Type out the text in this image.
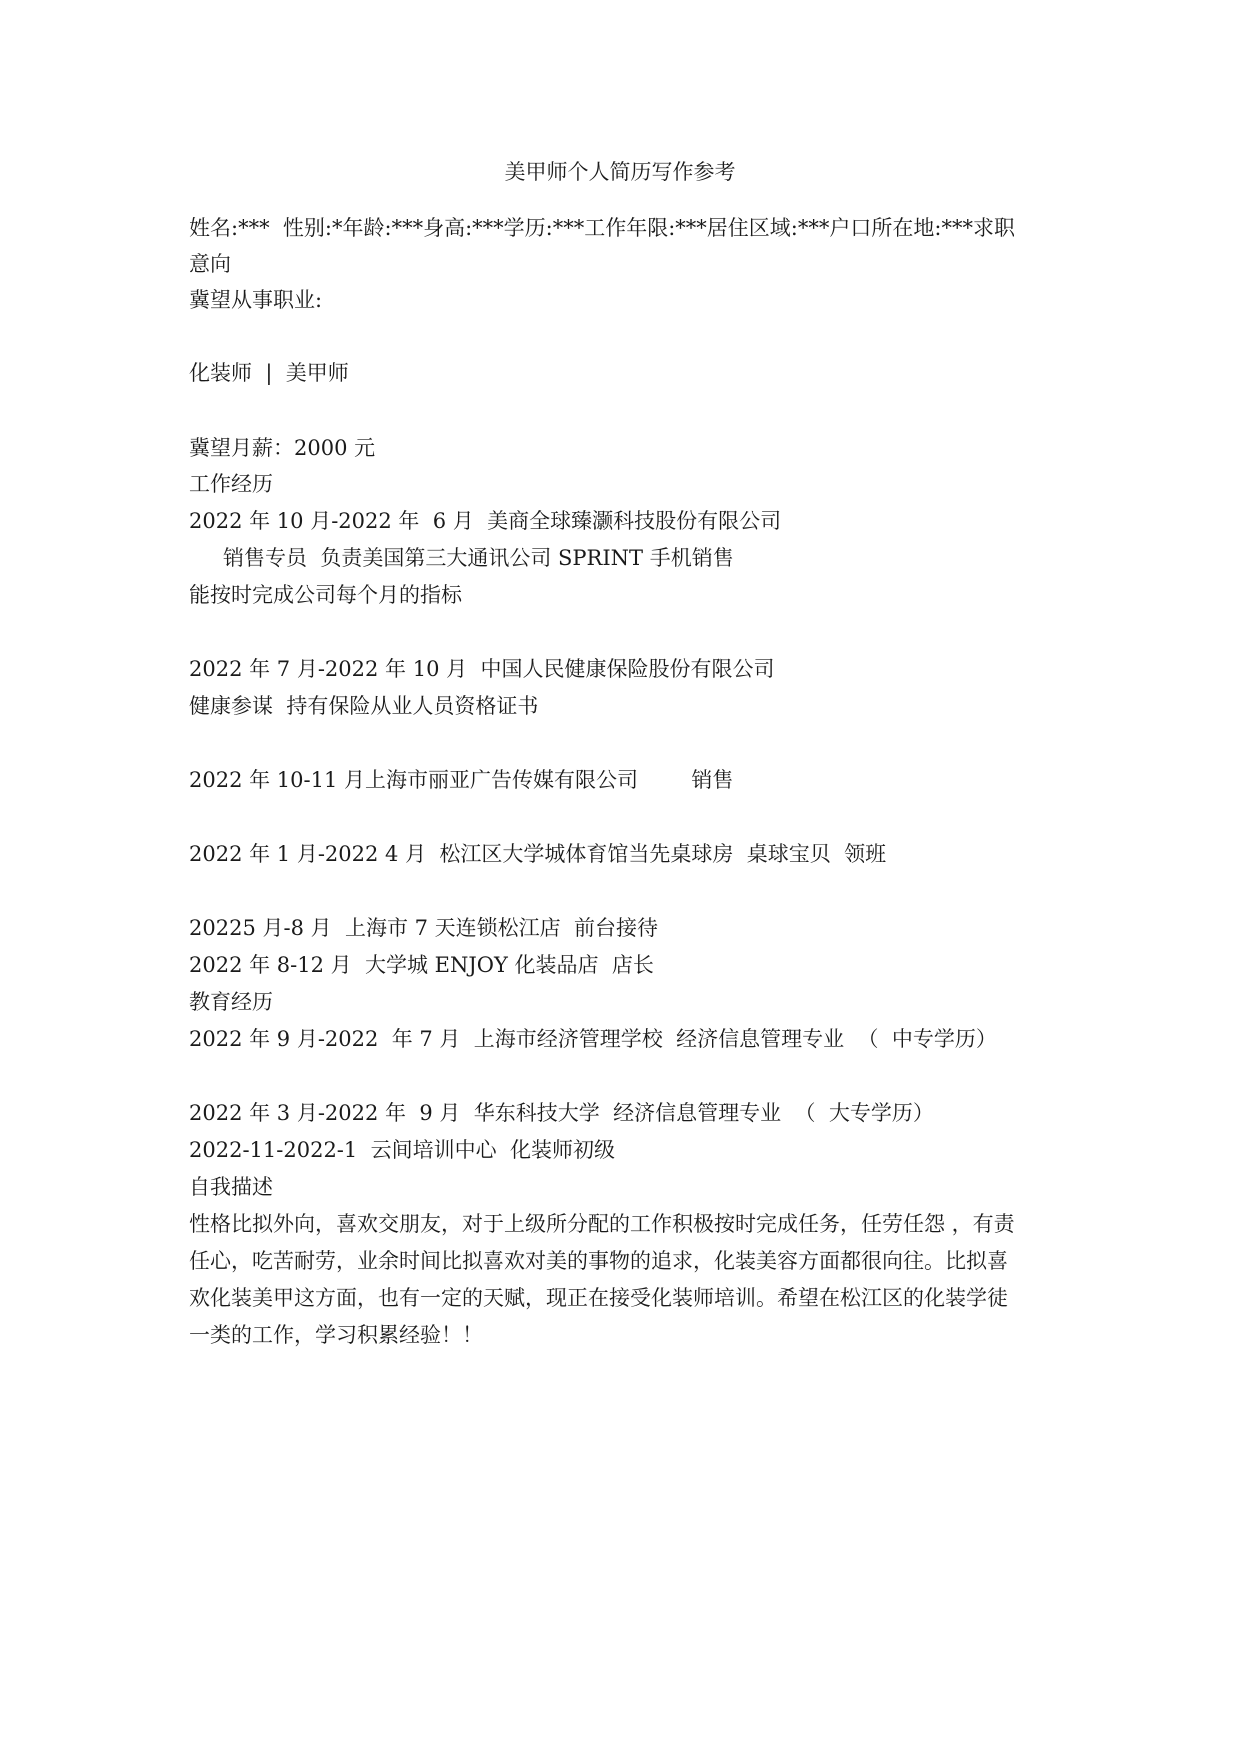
美甲师个人简历写作参考
姓名:***  性别:*年龄:***身高:***学历:***工作年限:***居住区域:***户口所在地:***求职
意向
冀望从事职业:
化装师  |  美甲师
冀望月薪：2000 元
工作经历
2022 年 10 月-2022 年  6 月  美商全球臻灏科技股份有限公司
销售专员  负责美国第三大通讯公司 SPRINT 手机销售
能按时完成公司每个月的指标
2022 年 7 月-2022 年 10 月  中国人民健康保险股份有限公司
健康参谋  持有保险从业人员资格证书
2022 年 10-11 月上海市丽亚广告传媒有限公司        销售
2022 年 1 月-2022 4 月  松江区大学城体育馆当先桌球房  桌球宝贝  领班
20225 月-8 月  上海市 7 天连锁松江店  前台接待
2022 年 8-12 月  大学城 ENJOY 化装品店  店长
教育经历
2022 年 9 月-2022  年 7 月  上海市经济管理学校  经济信息管理专业  （  中专学历）
2022 年 3 月-2022 年  9 月  华东科技大学  经济信息管理专业  （  大专学历）
2022-11-2022-1  云间培训中心  化装师初级
自我描述
性格比拟外向，喜欢交朋友，对于上级所分配的工作积极按时完成任务，任劳任怨 ，有责
任心，吃苦耐劳，业余时间比拟喜欢对美的事物的追求，化装美容方面都很向往。比拟喜
欢化装美甲这方面，也有一定的天赋，现正在接受化装师培训。希望在松江区的化装学徒
一类的工作，学习积累经验！！
